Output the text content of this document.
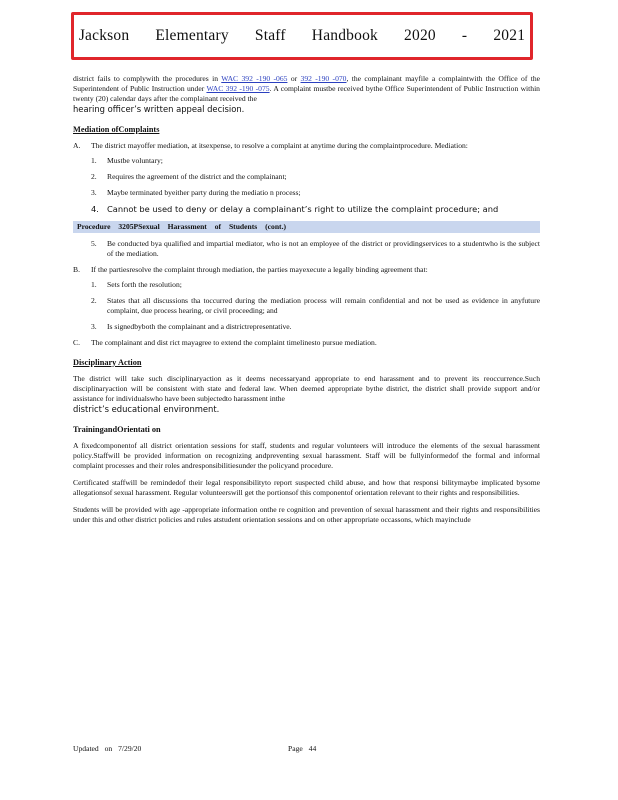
Jackson Elementary Staff Handbook 2020 - 2021

district fails to complywith the procedures in WAC 392 -190 -065 or 392 -190 -070, the complainant mayfile a complaintwith the Office of the Superintendent of Public Instruction under WAC 392 -190 -075. A complaint mustbe received bythe Office Superintendent of Public Instruction within twenty (20) calendar days after the complainant received the

hearing officer’s written appeal decision.

Mediation ofComplaints
A. The district mayoffer mediation, at itsexpense, to resolve a complaint at anytime during the complaintprocedure. Mediation:
1. Mustbe voluntary;
2. Requires the agreement of the district and the complainant;
3. Maybe terminated byeither party during the mediatio n process;
4. Cannot be used to deny or delay a complainant’s right to utilize the complaint procedure; and
Procedure 3205PSexual Harassment of Students (cont.)
5. Be conducted bya qualified and impartial mediator, who is not an employee of the district or providingservices to a studentwho is the subject of the mediation.
B. If the partiesresolve the complaint through mediation, the parties mayexecute a legally binding agreement that:
1. Sets forth the resolution;
2. States that all discussions tha toccurred during the mediation process will remain confidential and not be used as evidence in anyfuture complaint, due process hearing, or civil proceeding; and
3. Is signedbyboth the complainant and a districtrepresentative.
C. The complainant and dist rict mayagree to extend the complaint timelinesto pursue mediation.
Disciplinary Action

The district will take such disciplinaryaction as it deems necessaryand appropriate to end harassment and to prevent its reoccurrence.Such disciplinaryaction will be consistent with state and federal law. When deemed appropriate bythe district, the district shall provide support and/or assistance for individualswho have been subjectedto harassment inthe

district’s educational environment.

TrainingandOrientati on

A fixedcomponentof all district orientation sessions for staff, students and regular volunteers will introduce the elements of the sexual harassment policy.Staffwill be provided information on recognizing andpreventing sexual harassment. Staff will be fullyinformedof the formal and informal complaint processes and their roles andresponsibilitiesunder the policyand procedure.

Certificated staffwill be remindedof their legal responsibilityto report suspected child abuse, and how that responsi bilitymaybe implicated bysome allegationsof sexual harassment. Regular volunteerswill get the portionsof this componentof orientation relevant to their rights and responsibilities.

Students will be provided with age -appropriate information onthe re cognition and prevention of sexual harassment and their rights and responsibilities under this and other district policies and rules atstudent orientation sessions and on other appropriate occassons, which mayinclude

Updated on 7/29/20	Page 44
